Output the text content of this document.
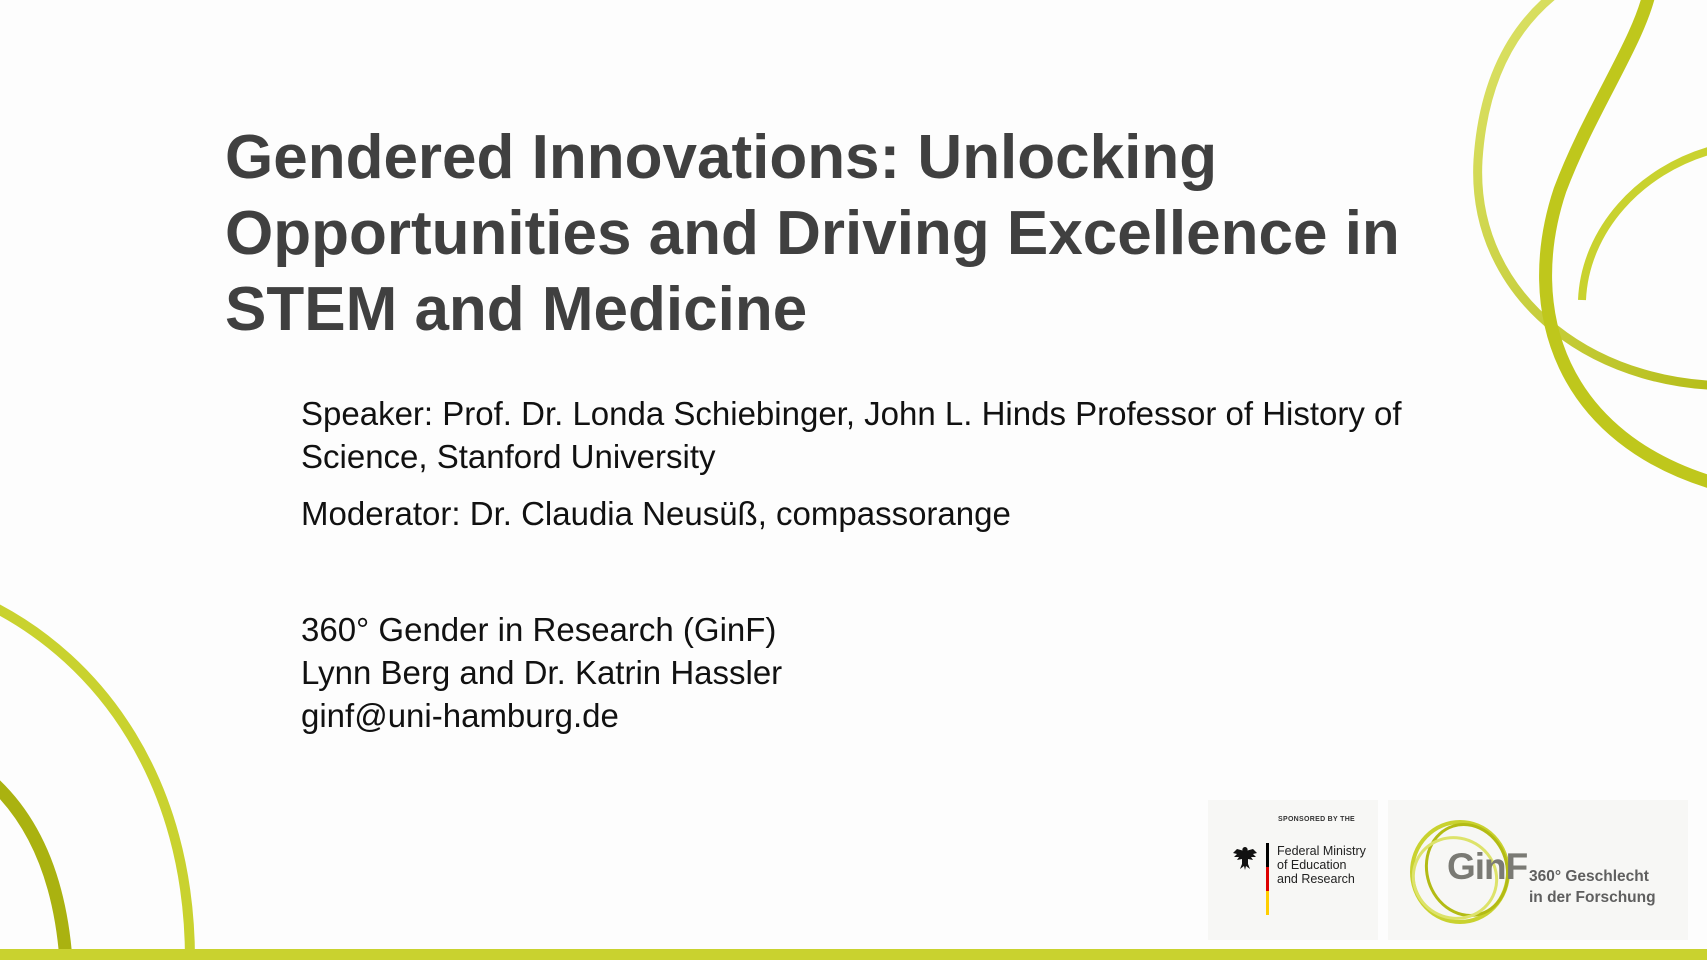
Gendered Innovations: Unlocking
Opportunities and Driving Excellence in
STEM and Medicine
Speaker: Prof. Dr. Londa Schiebinger, John L. Hinds Professor of History of
Science, Stanford University
Moderator: Dr. Claudia Neusüß, compassorange
360° Gender in Research (GinF)
Lynn Berg and Dr. Katrin Hassler
ginf@uni-hamburg.de
SPONSORED BY THE
Federal Ministry
of Education
and Research GinF 360° Geschlecht
in der Forschung
